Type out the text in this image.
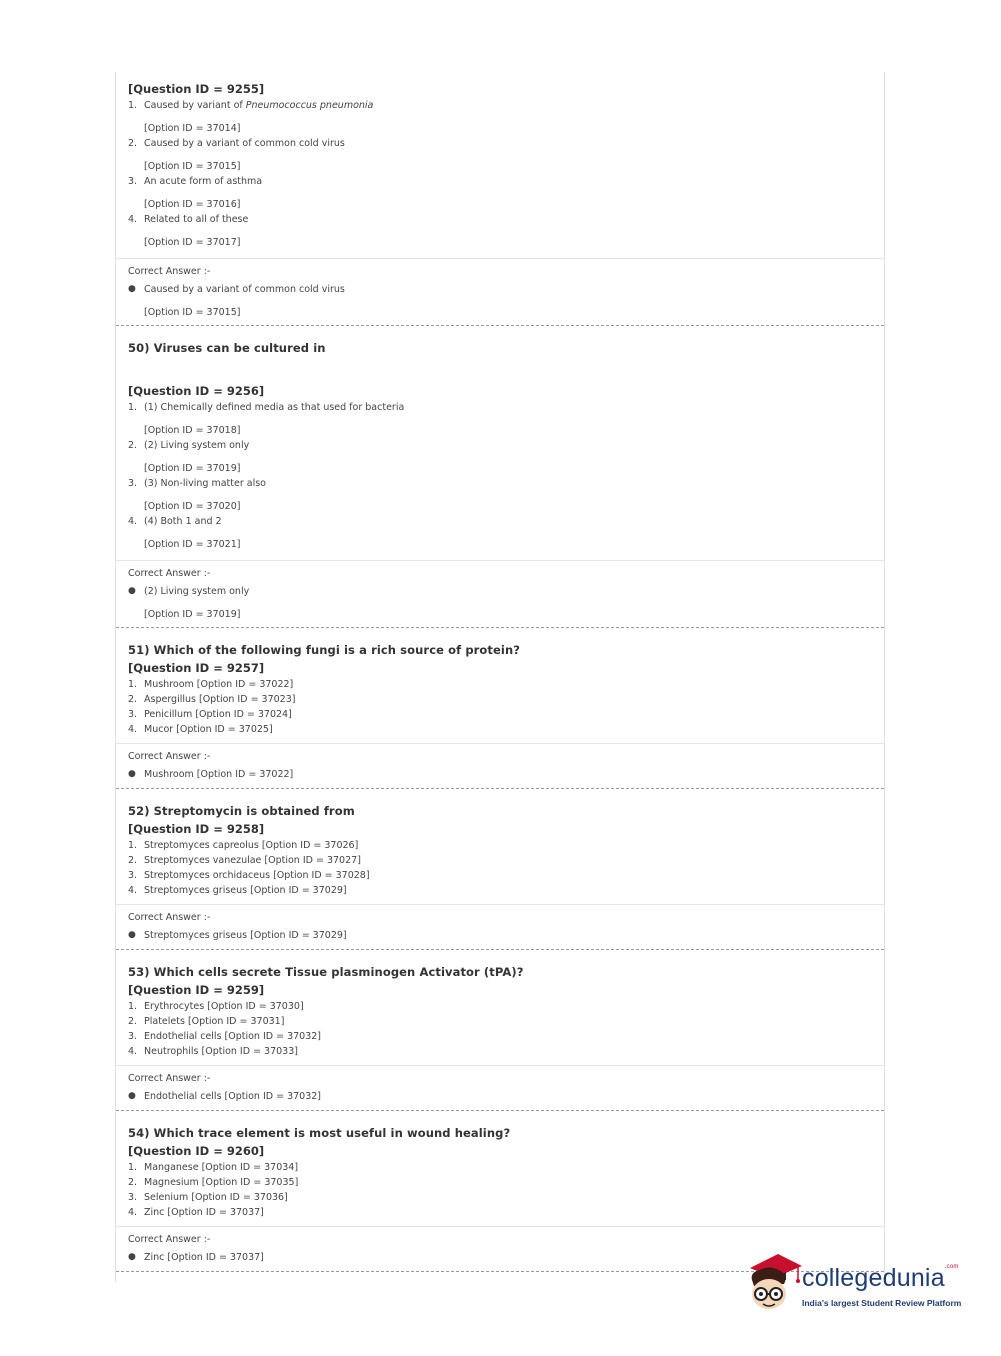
[Question ID = 9255]
1. Caused by variant of Pneumococcus pneumonia
[Option ID = 37014]
2. Caused by a variant of common cold virus
[Option ID = 37015]
3. An acute form of asthma
[Option ID = 37016]
4. Related to all of these
[Option ID = 37017]
Correct Answer :-
● Caused by a variant of common cold virus
[Option ID = 37015]
50) Viruses can be cultured in
[Question ID = 9256]
1. (1) Chemically defined media as that used for bacteria
[Option ID = 37018]
2. (2) Living system only
[Option ID = 37019]
3. (3) Non-living matter also
[Option ID = 37020]
4. (4) Both 1 and 2
[Option ID = 37021]
Correct Answer :-
● (2) Living system only
[Option ID = 37019]
51) Which of the following fungi is a rich source of protein?
[Question ID = 9257]
1. Mushroom [Option ID = 37022]
2. Aspergillus [Option ID = 37023]
3. Penicillum [Option ID = 37024]
4. Mucor [Option ID = 37025]
Correct Answer :-
● Mushroom [Option ID = 37022]
52) Streptomycin is obtained from
[Question ID = 9258]
1. Streptomyces capreolus [Option ID = 37026]
2. Streptomyces vanezulae [Option ID = 37027]
3. Streptomyces orchidaceus [Option ID = 37028]
4. Streptomyces griseus [Option ID = 37029]
Correct Answer :-
● Streptomyces griseus [Option ID = 37029]
53) Which cells secrete Tissue plasminogen Activator (tPA)?
[Question ID = 9259]
1. Erythrocytes [Option ID = 37030]
2. Platelets [Option ID = 37031]
3. Endothelial cells [Option ID = 37032]
4. Neutrophils [Option ID = 37033]
Correct Answer :-
● Endothelial cells [Option ID = 37032]
54) Which trace element is most useful in wound healing?
[Question ID = 9260]
1. Manganese [Option ID = 37034]
2. Magnesium [Option ID = 37035]
3. Selenium [Option ID = 37036]
4. Zinc [Option ID = 37037]
Correct Answer :-
● Zinc [Option ID = 37037]
collegedunia$^{.com}$
India's largest Student Review Platform
